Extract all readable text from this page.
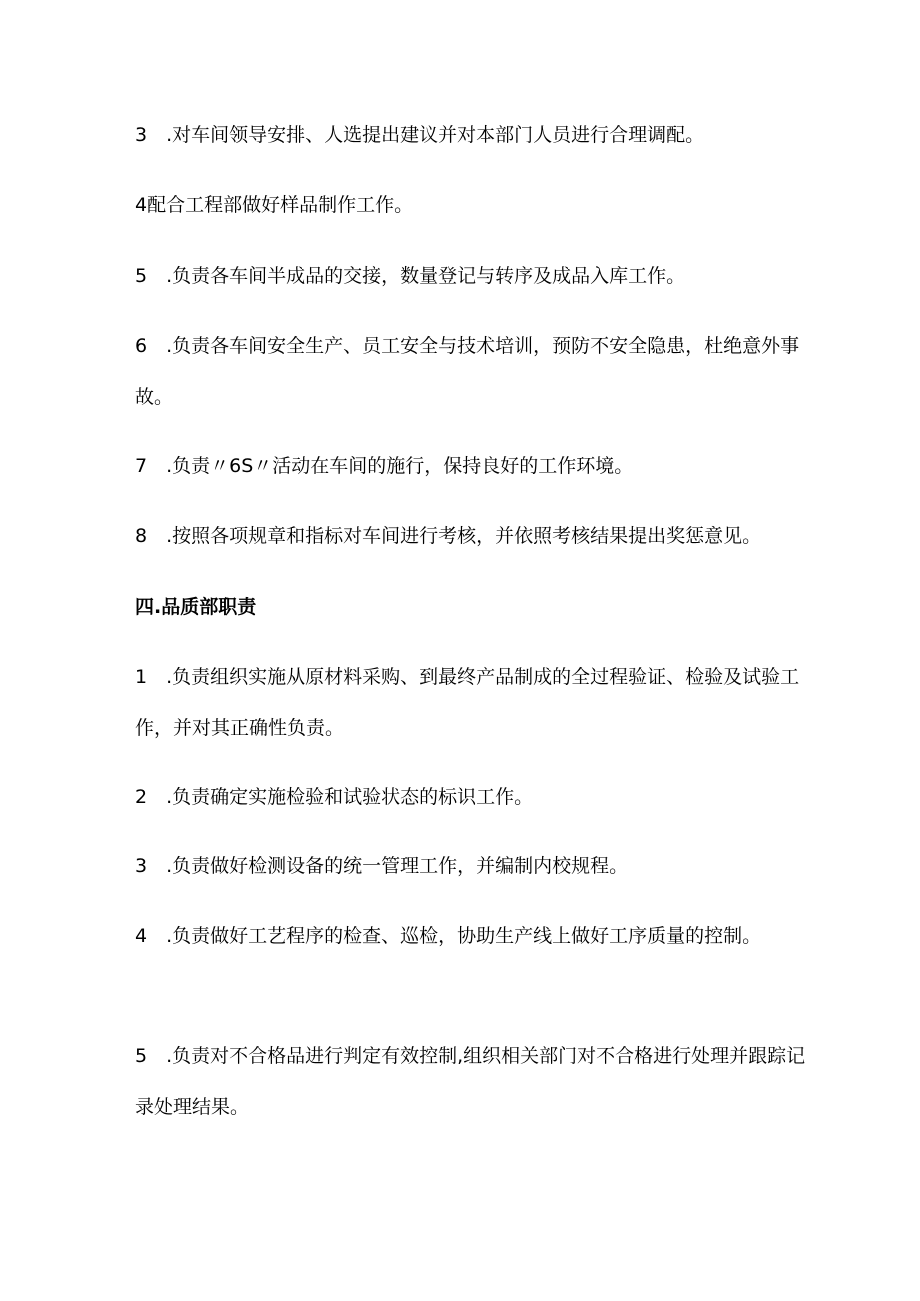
3　.对车间领导安排、人选提出建议并对本部门人员进行合理调配。

4配合工程部做好样品制作工作。

5　.负责各车间半成品的交接，数量登记与转序及成品入库工作。

6　.负责各车间安全生产、员工安全与技术培训，预防不安全隐患，杜绝意外事故。

7　.负责〃6S〃活动在车间的施行，保持良好的工作环境。

8　.按照各项规章和指标对车间进行考核，并依照考核结果提出奖惩意见。

四.品质部职责

1　.负责组织实施从原材料采购、到最终产品制成的全过程验证、检验及试验工作，并对其正确性负责。

2　.负责确定实施检验和试验状态的标识工作。

3　.负责做好检测设备的统一管理工作，并编制内校规程。

4　.负责做好工艺程序的检查、巡检，协助生产线上做好工序质量的控制。

5　.负责对不合格品进行判定有效控制,组织相关部门对不合格进行处理并跟踪记录处理结果。
